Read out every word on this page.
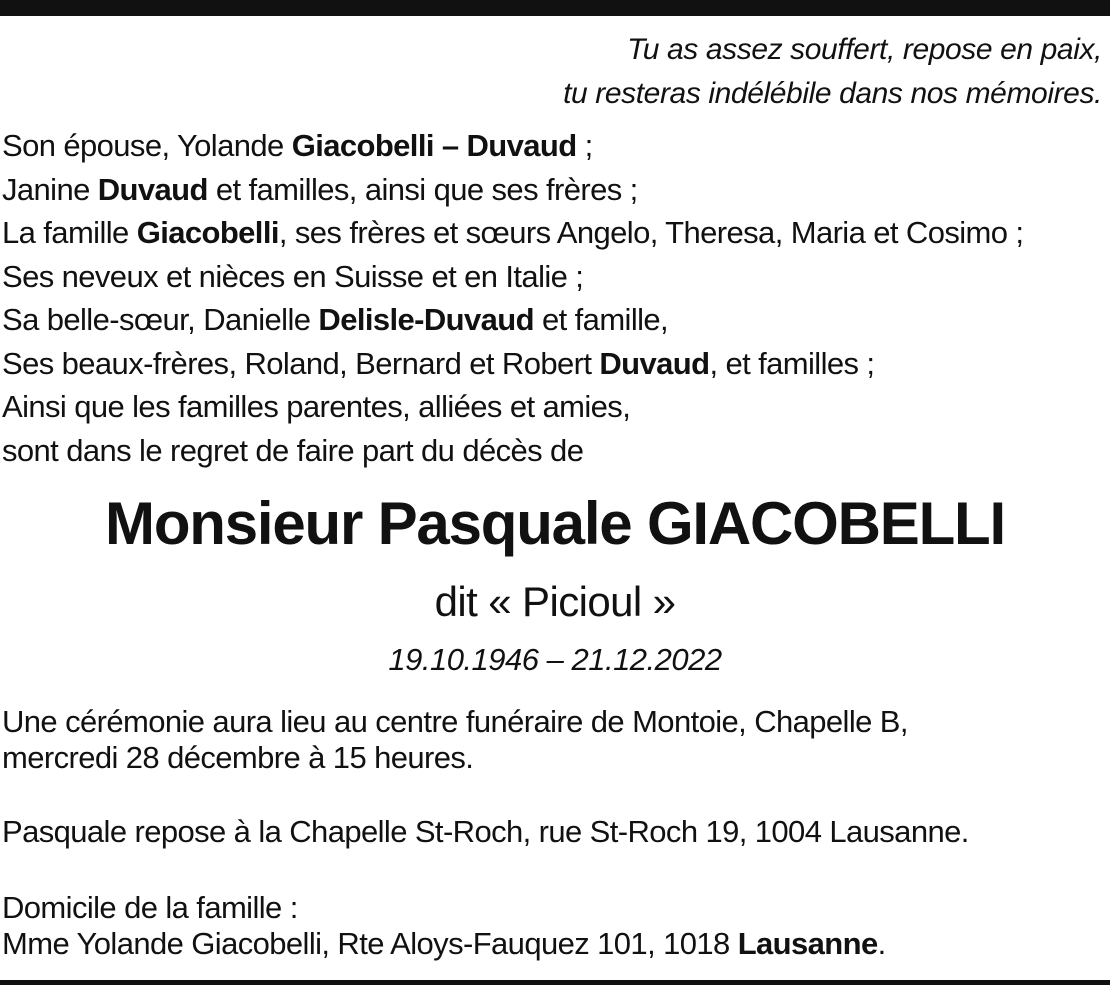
Tu as assez souffert, repose en paix,
tu resteras indélébile dans nos mémoires.
Son épouse, Yolande Giacobelli – Duvaud ;
Janine Duvaud et familles, ainsi que ses frères ;
La famille Giacobelli, ses frères et sœurs Angelo, Theresa, Maria et Cosimo ;
Ses neveux et nièces en Suisse et en Italie ;
Sa belle-sœur, Danielle Delisle-Duvaud et famille,
Ses beaux-frères, Roland, Bernard et Robert Duvaud, et familles ;
Ainsi que les familles parentes, alliées et amies,
sont dans le regret de faire part du décès de
Monsieur Pasquale GIACOBELLI
dit « Picioul »
19.10.1946 – 21.12.2022
Une cérémonie aura lieu au centre funéraire de Montoie, Chapelle B,
mercredi 28 décembre à 15 heures.
Pasquale repose à la Chapelle St-Roch, rue St-Roch 19, 1004 Lausanne.
Domicile de la famille :
Mme Yolande Giacobelli, Rte Aloys-Fauquez 101, 1018 Lausanne.
